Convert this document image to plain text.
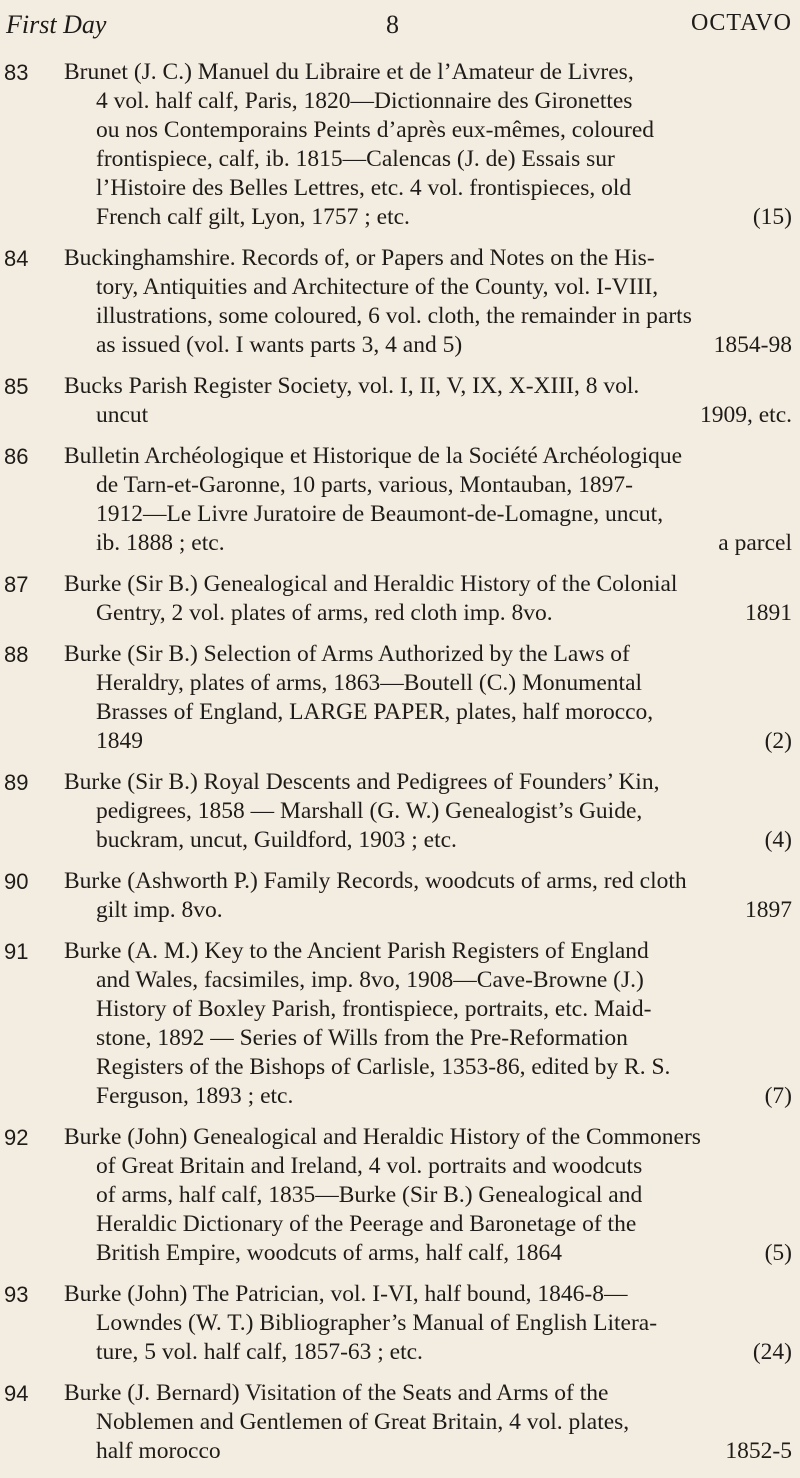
First Day	8	OCTAVO
83	Brunet (J. C.) Manuel du Libraire et de l’Amateur de Livres,
4 vol. half calf, Paris, 1820—Dictionnaire des Gironettes
ou nos Contemporains Peints d’après eux-mêmes, coloured
frontispiece, calf, ib. 1815—Calencas (J. de) Essais sur
l’Histoire des Belles Lettres, etc. 4 vol. frontispieces, old
French calf gilt, Lyon, 1757 ; etc.	(15)
84	Buckinghamshire. Records of, or Papers and Notes on the His-
tory, Antiquities and Architecture of the County, vol. I-VIII,
illustrations, some coloured, 6 vol. cloth, the remainder in parts
as issued (vol. I wants parts 3, 4 and 5)	1854-98
85	Bucks Parish Register Society, vol. I, II, V, IX, X-XIII, 8 vol.
uncut	1909, etc.
86	Bulletin Archéologique et Historique de la Société Archéologique
de Tarn-et-Garonne, 10 parts, various, Montauban, 1897-
1912—Le Livre Juratoire de Beaumont-de-Lomagne, uncut,
ib. 1888 ; etc.	a parcel
87	Burke (Sir B.) Genealogical and Heraldic History of the Colonial
Gentry, 2 vol. plates of arms, red cloth imp. 8vo.	1891
88	Burke (Sir B.) Selection of Arms Authorized by the Laws of
Heraldry, plates of arms, 1863—Boutell (C.) Monumental
Brasses of England, LARGE PAPER, plates, half morocco,
1849	(2)
89	Burke (Sir B.) Royal Descents and Pedigrees of Founders’ Kin,
pedigrees, 1858 — Marshall (G. W.) Genealogist’s Guide,
buckram, uncut, Guildford, 1903 ; etc.	(4)
90	Burke (Ashworth P.) Family Records, woodcuts of arms, red cloth
gilt imp. 8vo.	1897
91	Burke (A. M.) Key to the Ancient Parish Registers of England
and Wales, facsimiles, imp. 8vo, 1908—Cave-Browne (J.)
History of Boxley Parish, frontispiece, portraits, etc. Maid-
stone, 1892 — Series of Wills from the Pre-Reformation
Registers of the Bishops of Carlisle, 1353-86, edited by R. S.
Ferguson, 1893 ; etc.	(7)
92	Burke (John) Genealogical and Heraldic History of the Commoners
of Great Britain and Ireland, 4 vol. portraits and woodcuts
of arms, half calf, 1835—Burke (Sir B.) Genealogical and
Heraldic Dictionary of the Peerage and Baronetage of the
British Empire, woodcuts of arms, half calf, 1864	(5)
93	Burke (John) The Patrician, vol. I-VI, half bound, 1846-8—
Lowndes (W. T.) Bibliographer’s Manual of English Litera-
ture, 5 vol. half calf, 1857-63 ; etc.	(24)
94	Burke (J. Bernard) Visitation of the Seats and Arms of the
Noblemen and Gentlemen of Great Britain, 4 vol. plates,
half morocco	1852-5
